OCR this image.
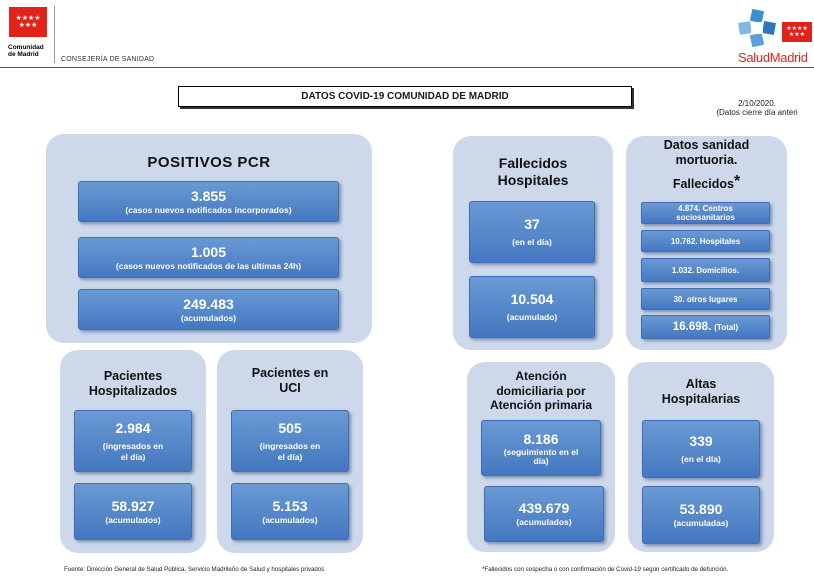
★★★★
★★★
Comunidad
de Madrid
CONSEJERÍA DE SANIDAD
★★★★
★★★
SaludMadrid
DATOS COVID-19 COMUNIDAD DE MADRID
2/10/2020.
(Datos cierre día anteri
POSITIVOS PCR
3.855
(casos nuevos notificados incorporados)
1.005
(casos nuevos notificados de las ultimas 24h)
249.483
(acumulados)
Pacientes
Hospitalizados
2.984
(ingresados en
el día)
58.927
(acumulados)
Pacientes en
UCI
505
(ingresados en
el día)
5.153
(acumulados)
Fallecidos
Hospitales
37
(en el día)
10.504
(acumulado)
Datos sanidad
mortuoria.
Fallecidos*
4.874. Centros
sociosanitarios
10.762. Hospitales
1.032. Domicilios.
30. otros lugares
16.698. (Total)
Atención
domiciliaria por
Atención primaria
8.186
(seguimiento en el
día)
439.679
(acumulados)
Altas
Hospitalarias
339
(en el día)
53.890
(acumuladas)
Fuente: Dirección General de Salud Pública, Servicio Madrileño de Salud y hospitales privados	*Fallecidos con sospecha o con confirmación de Covid-19 según certificado de defunción.
